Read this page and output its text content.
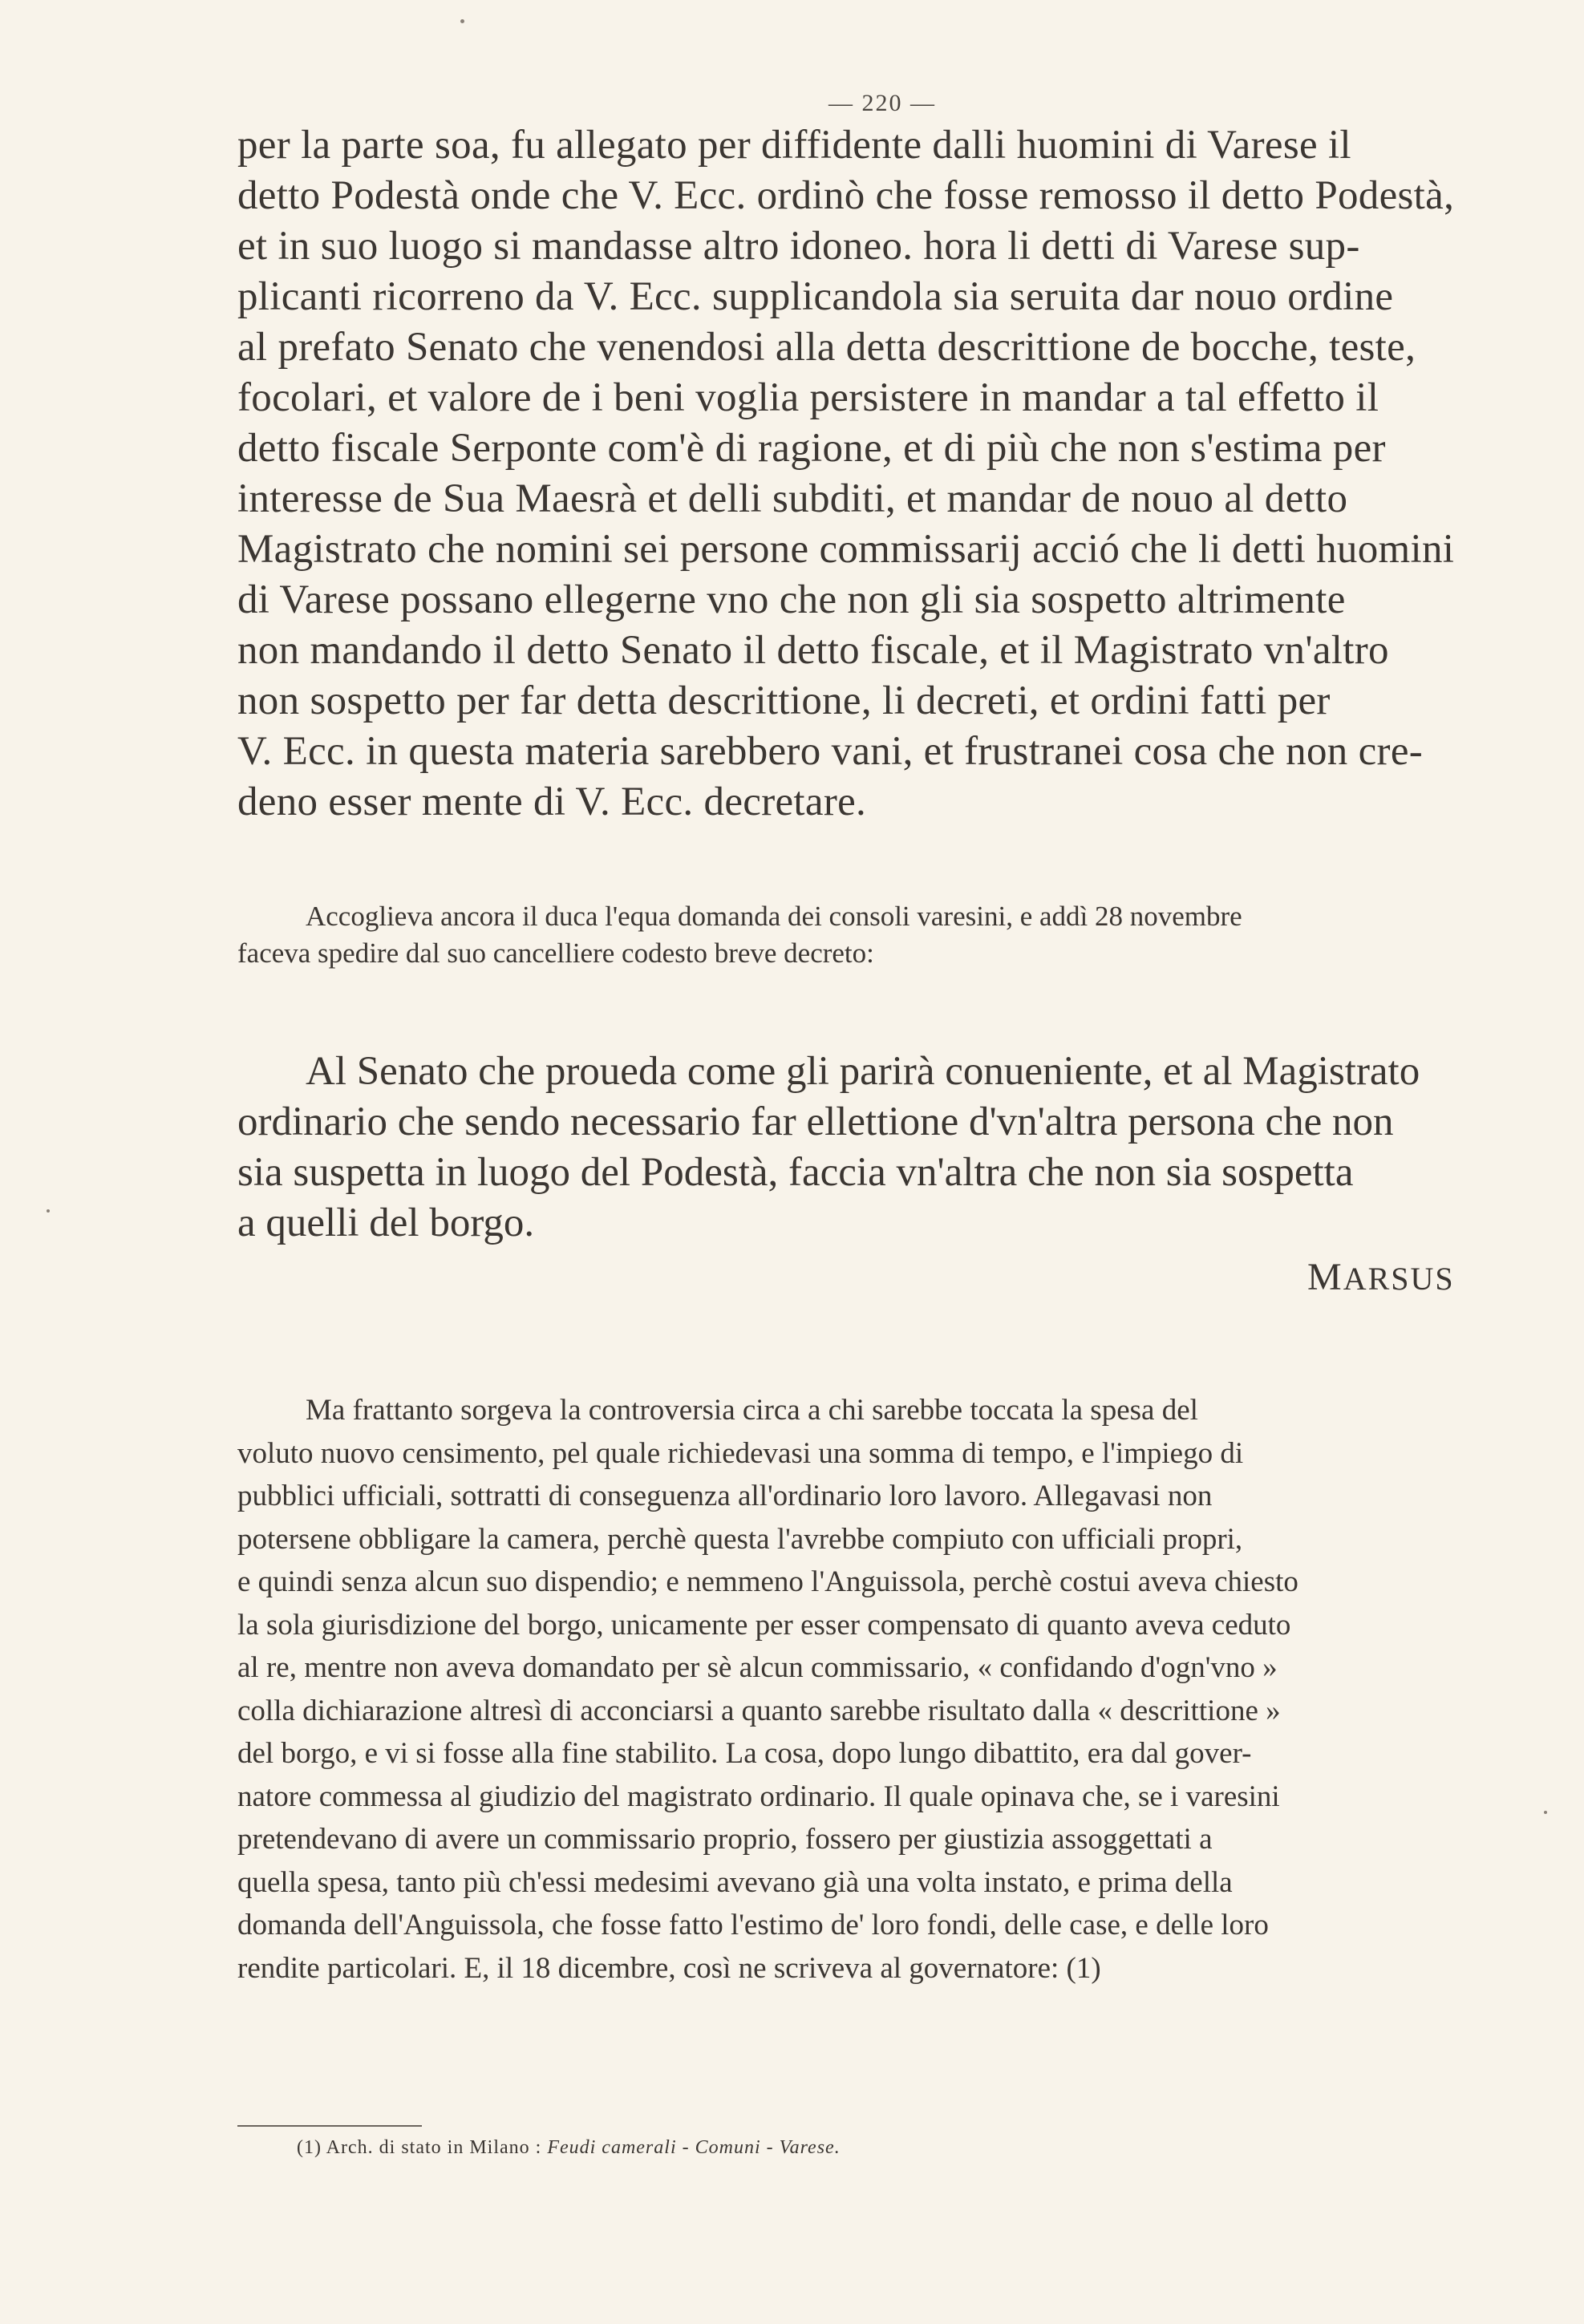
— 220 —
per la parte soa, fu allegato per diffidente dalli huomini di Varese il
detto Podestà onde che V. Ecc. ordinò che fosse remosso il detto Podestà,
et in suo luogo si mandasse altro idoneo. hora li detti di Varese sup-
plicanti ricorreno da V. Ecc. supplicandola sia seruita dar nouo ordine
al prefato Senato che venendosi alla detta descrittione de bocche, teste,
focolari, et valore de i beni voglia persistere in mandar a tal effetto il
detto fiscale Serponte com'è di ragione, et di più che non s'estima per
interesse de Sua Maesrà et delli subditi, et mandar de nouo al detto
Magistrato che nomini sei persone commissarij acció che li detti huomini
di Varese possano ellegerne vno che non gli sia sospetto altrimente
non mandando il detto Senato il detto fiscale, et il Magistrato vn'altro
non sospetto per far detta descrittione, li decreti, et ordini fatti per
V. Ecc. in questa materia sarebbero vani, et frustranei cosa che non cre-
deno esser mente di V. Ecc. decretare.
Accoglieva ancora il duca l'equa domanda dei consoli varesini, e addì 28 novembre
faceva spedire dal suo cancelliere codesto breve decreto:
Al Senato che proueda come gli parirà conueniente, et al Magistrato
ordinario che sendo necessario far ellettione d'vn'altra persona che non
sia suspetta in luogo del Podestà, faccia vn'altra che non sia sospetta
a quelli del borgo.
MARSUS
Ma frattanto sorgeva la controversia circa a chi sarebbe toccata la spesa del
voluto nuovo censimento, pel quale richiedevasi una somma di tempo, e l'impiego di
pubblici ufficiali, sottratti di conseguenza all'ordinario loro lavoro. Allegavasi non
potersene obbligare la camera, perchè questa l'avrebbe compiuto con ufficiali propri,
e quindi senza alcun suo dispendio; e nemmeno l'Anguissola, perchè costui aveva chiesto
la sola giurisdizione del borgo, unicamente per esser compensato di quanto aveva ceduto
al re, mentre non aveva domandato per sè alcun commissario, « confidando d'ogn'vno »
colla dichiarazione altresì di acconciarsi a quanto sarebbe risultato dalla « descrittione »
del borgo, e vi si fosse alla fine stabilito. La cosa, dopo lungo dibattito, era dal gover-
natore commessa al giudizio del magistrato ordinario. Il quale opinava che, se i varesini
pretendevano di avere un commissario proprio, fossero per giustizia assoggettati a
quella spesa, tanto più ch'essi medesimi avevano già una volta instato, e prima della
domanda dell'Anguissola, che fosse fatto l'estimo de' loro fondi, delle case, e delle loro
rendite particolari. E, il 18 dicembre, così ne scriveva al governatore: (1)
(1) Arch. di stato in Milano : Feudi camerali - Comuni - Varese.
